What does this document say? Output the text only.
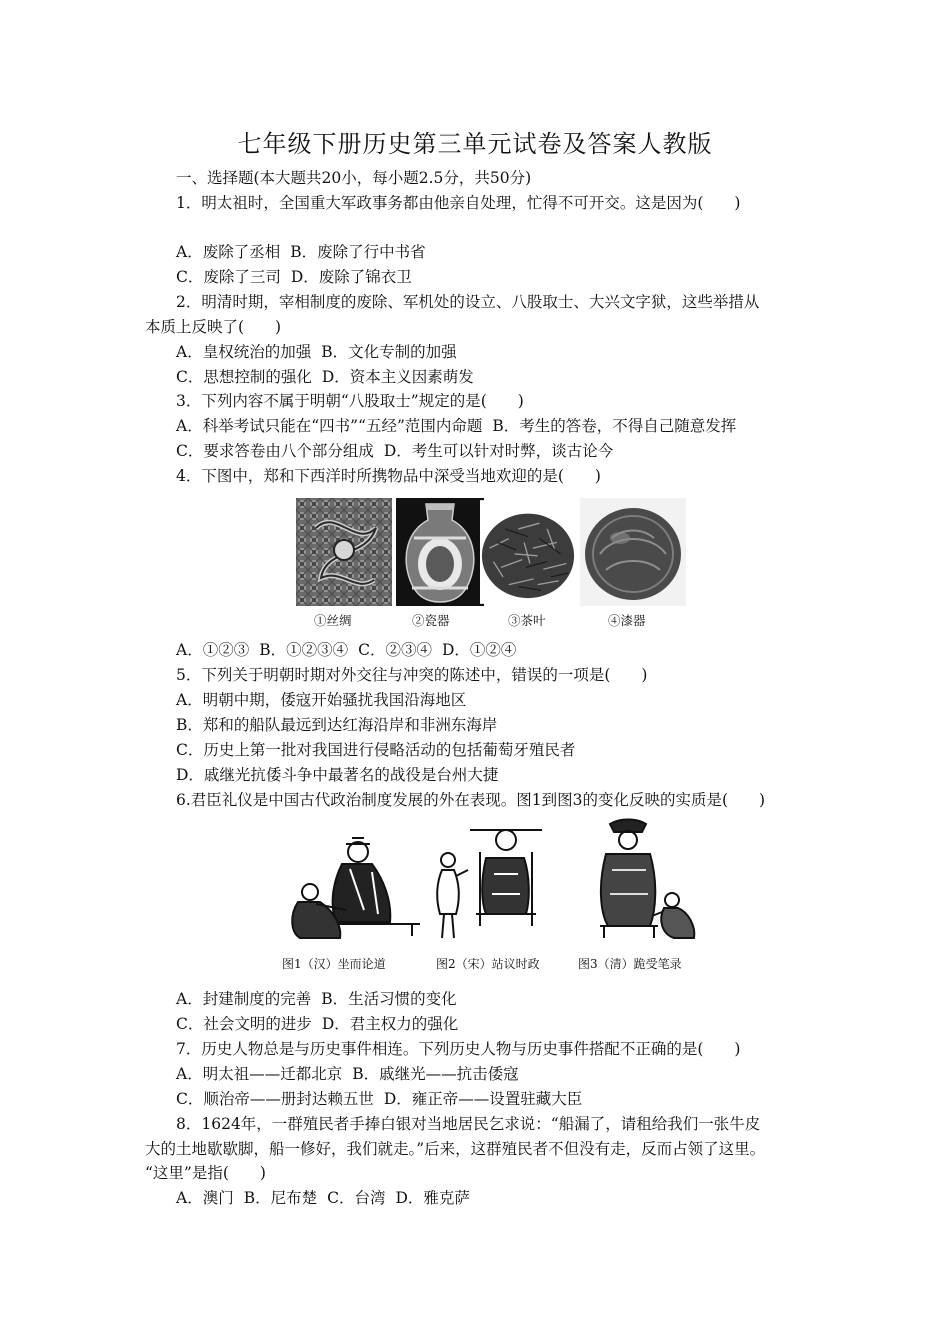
七年级下册历史第三单元试卷及答案人教版
一、选择题(本大题共20小，每小题2.5分，共50分)
1．明太祖时，全国重大军政事务都由他亲自处理，忙得不可开交。这是因为(　　)
A．废除了丞相 B．废除了行中书省
C．废除了三司 D．废除了锦衣卫
2．明清时期，宰相制度的废除、军机处的设立、八股取士、大兴文字狱，这些举措从
本质上反映了(　　)
A．皇权统治的加强 B．文化专制的加强
C．思想控制的强化 D．资本主义因素萌发
3．下列内容不属于明朝“八股取士”规定的是(　　)
A．科举考试只能在“四书”“五经”范围内命题 B．考生的答卷，不得自己随意发挥
C．要求答卷由八个部分组成 D．考生可以针对时弊，谈古论今
4．下图中，郑和下西洋时所携物品中深受当地欢迎的是(　　)
①丝绸	②瓷器	③茶叶	④漆器
A．①②③ B．①②③④ C．②③④ D．①②④
5．下列关于明朝时期对外交往与冲突的陈述中，错误的一项是(　　)
A．明朝中期，倭寇开始骚扰我国沿海地区
B．郑和的船队最远到达红海沿岸和非洲东海岸
C．历史上第一批对我国进行侵略活动的包括葡萄牙殖民者
D．戚继光抗倭斗争中最著名的战役是台州大捷
6.君臣礼仪是中国古代政治制度发展的外在表现。图1到图3的变化反映的实质是(　　)
图1（汉）坐而论道	图2（宋）站议时政	图3（清）跪受笔录
A．封建制度的完善 B．生活习惯的变化
C．社会文明的进步 D．君主权力的强化
7．历史人物总是与历史事件相连。下列历史人物与历史事件搭配不正确的是(　　)
A．明太祖——迁都北京 B．戚继光——抗击倭寇
C．顺治帝——册封达赖五世 D．雍正帝——设置驻藏大臣
8．1624年，一群殖民者手捧白银对当地居民乞求说：“船漏了，请租给我们一张牛皮
大的土地歇歇脚，船一修好，我们就走。”后来，这群殖民者不但没有走，反而占领了这里。
“这里”是指(　　)
A．澳门 B．尼布楚 C．台湾 D．雅克萨
